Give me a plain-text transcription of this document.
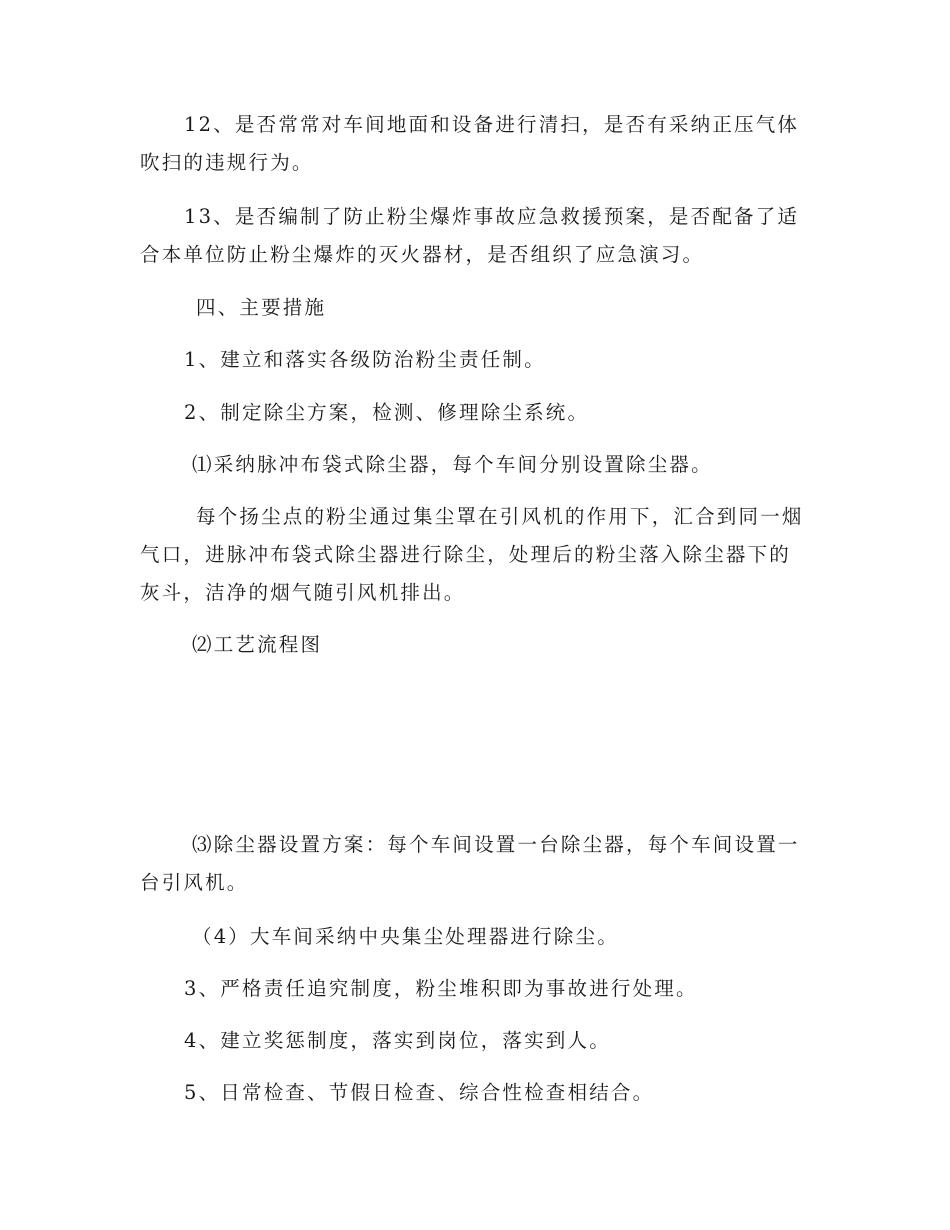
12、是否常常对车间地面和设备进行清扫，是否有采纳正压气体
吹扫的违规行为。

13、是否编制了防止粉尘爆炸事故应急救援预案，是否配备了适
合本单位防止粉尘爆炸的灭火器材，是否组织了应急演习。

四、主要措施

1、建立和落实各级防治粉尘责任制。

2、制定除尘方案，检测、修理除尘系统。

⑴采纳脉冲布袋式除尘器，每个车间分别设置除尘器。

每个扬尘点的粉尘通过集尘罩在引风机的作用下，汇合到同一烟
气口，进脉冲布袋式除尘器进行除尘，处理后的粉尘落入除尘器下的
灰斗，洁净的烟气随引风机排出。

⑵工艺流程图

⑶除尘器设置方案：每个车间设置一台除尘器，每个车间设置一
台引风机。

（4）大车间采纳中央集尘处理器进行除尘。

3、严格责任追究制度，粉尘堆积即为事故进行处理。

4、建立奖惩制度，落实到岗位，落实到人。

5、日常检查、节假日检查、综合性检查相结合。
